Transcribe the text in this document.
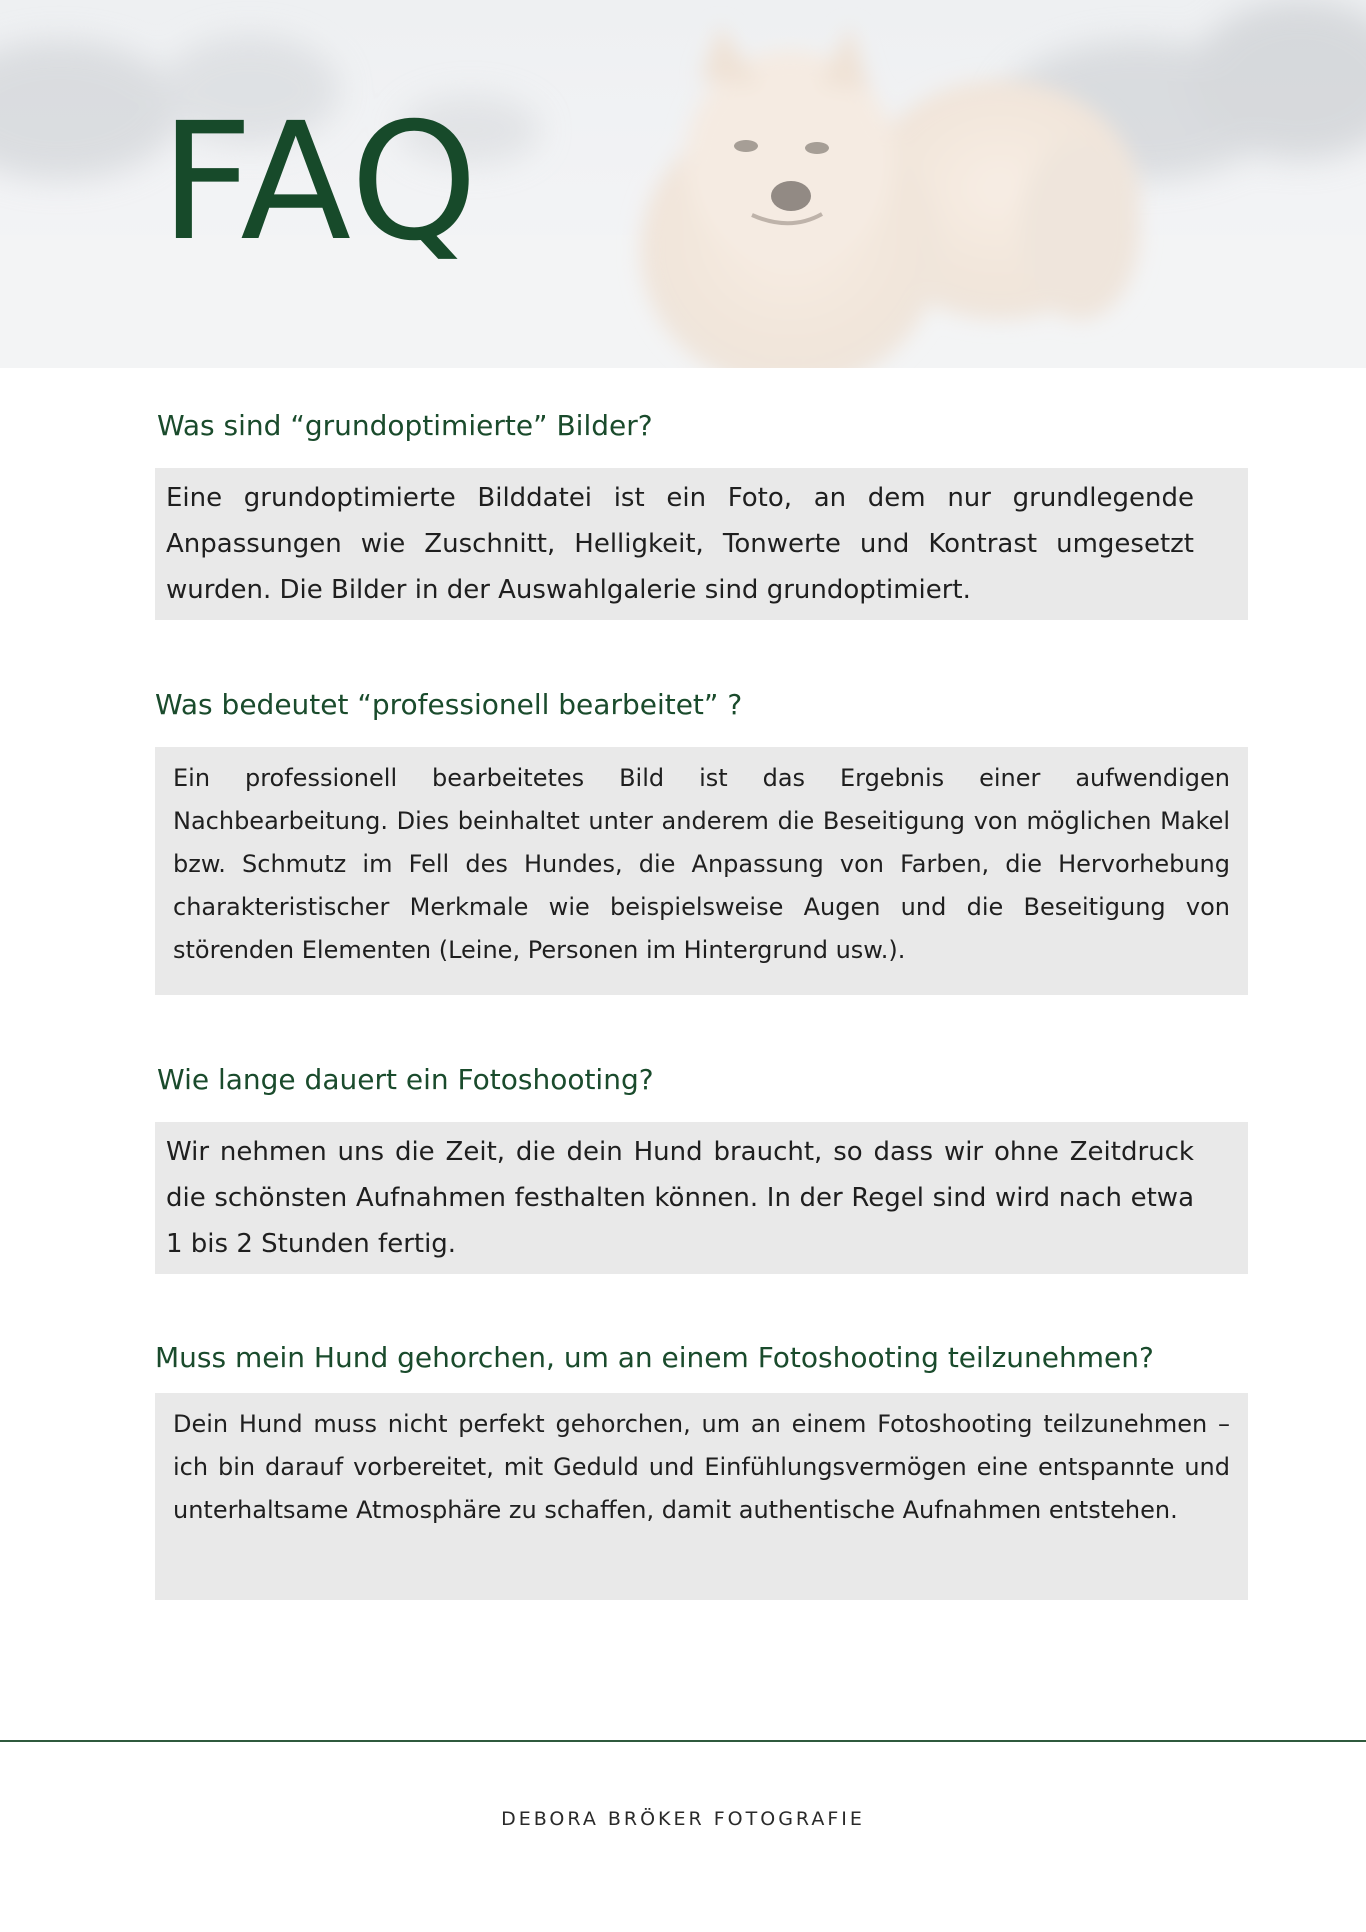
FAQ
Was sind “grundoptimierte” Bilder?

Eine grundoptimierte Bilddatei ist ein Foto, an dem nur grundlegende Anpassungen wie Zuschnitt, Helligkeit, Tonwerte und Kontrast umgesetzt wurden. Die Bilder in der Auswahlgalerie sind grundoptimiert.

Was bedeutet “professionell bearbeitet” ?

Ein professionell bearbeitetes Bild ist das Ergebnis einer aufwendigen Nachbearbeitung. Dies beinhaltet unter anderem die Beseitigung von möglichen Makel bzw. Schmutz im Fell des Hundes, die Anpassung von Farben, die Hervorhebung charakteristischer Merkmale wie beispielsweise Augen und die Beseitigung von störenden Elementen (Leine, Personen im Hintergrund usw.).

Wie lange dauert ein Fotoshooting?

Wir nehmen uns die Zeit, die dein Hund braucht, so dass wir ohne Zeitdruck die schönsten Aufnahmen festhalten können. In der Regel sind wird nach etwa 1 bis 2 Stunden fertig.

Muss mein Hund gehorchen, um an einem Fotoshooting teilzunehmen?

Dein Hund muss nicht perfekt gehorchen, um an einem Fotoshooting teilzunehmen – ich bin darauf vorbereitet, mit Geduld und Einfühlungsvermögen eine entspannte und unterhaltsame Atmosphäre zu schaffen, damit authentische Aufnahmen entstehen.

DEBORA BRÖKER FOTOGRAFIE
